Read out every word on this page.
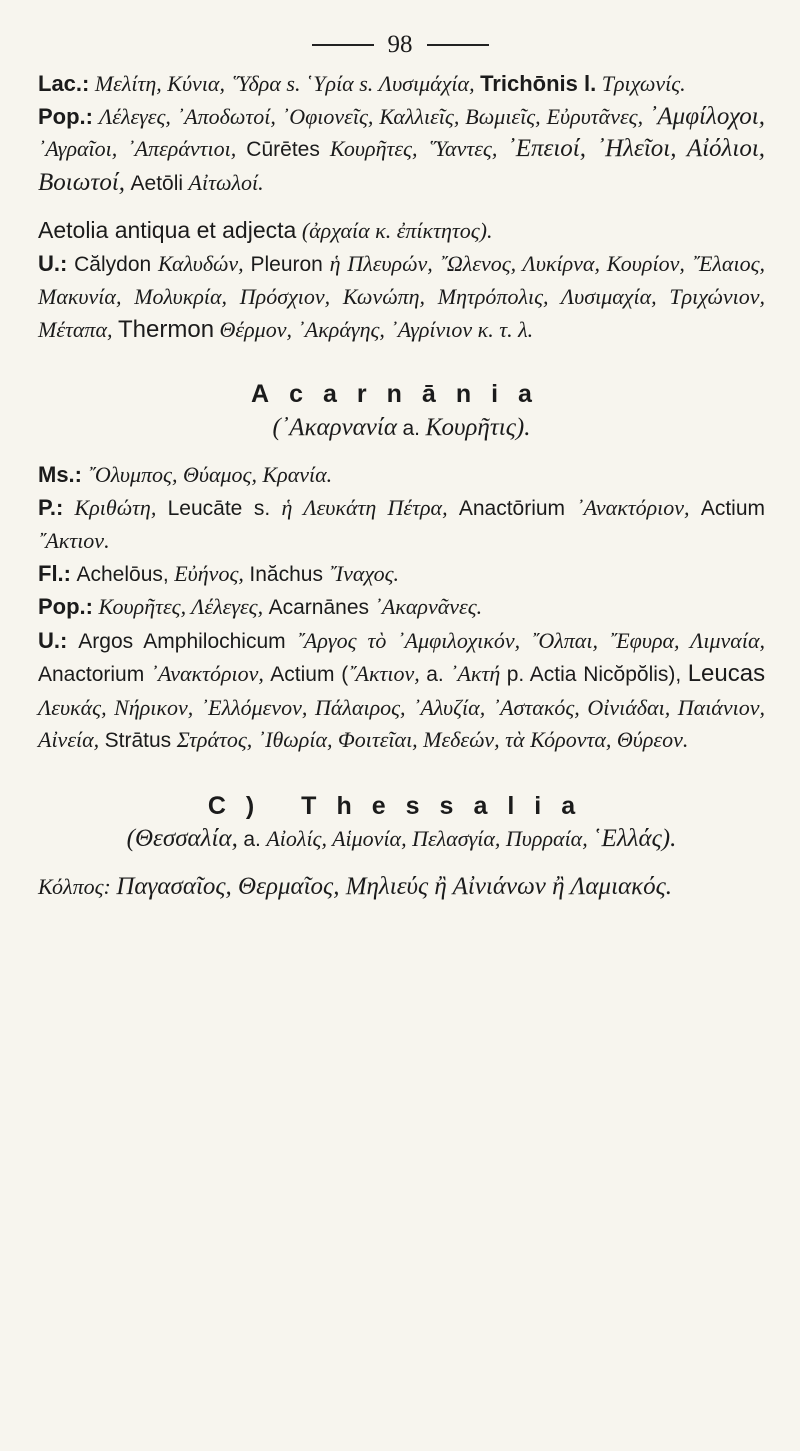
98

Lac.: Μελίτη, Κύνια, ῞Υδρα s. ῾Υρία s. Λυσιμάχία, Trichōnis l. Τριχωνίς.

Pop.: Λέλεγες, ᾿Αποδωτοί, ᾿Οφιονεῖς, Καλλιεῖς, Βωμιεῖς, Εὐρυτᾶνες, ᾿Αμφίλοχοι, ᾿Αγραῖοι, ᾿Απεράντιοι, Cūrētes Κουρῆτες, ῞Υαντες, ᾿Επειοί, ᾿Ηλεῖοι, Αἰόλιοι, Βοιωτοί, Aetōli Αἰτωλοί.

Aetolia antiqua et adjecta (ἀρχαία κ. ἐπίκτητος).

U.: Călydon Καλυδών, Pleuron ἡ Πλευρών, ῎Ωλενος, Λυκίρνα, Κουρίον, ῎Ελαιος, Μακυνία, Μολυκρία, Πρόσχιον, Κωνώπη, Μητρόπολις, Λυσιμαχία, Τριχώνιον, Μέταπα, Thermon Θέρμον, ᾿Ακράγης, ᾿Αγρίνιον κ. τ. λ.

Acarnānia

(᾿Ακαρνανία a. Κουρῆτις).

Ms.: ῎Ολυμπος, Θύαμος, Κρανία.

P.: Κριθώτη, Leucāte s. ἡ Λευκάτη Πέτρα, Anactōrium ᾿Ανακτόριον, Actium ῎Ακτιον.

Fl.: Achelōus, Εὐήνος, Inăchus ῎Ιναχος.

Pop.: Κουρῆτες, Λέλεγες, Acarnānes ᾿Ακαρνᾶνες.

U.: Argos Amphilochicum ῎Αργος τὸ ᾿Αμφιλοχικόν, ῎Ολπαι, ῎Εφυρα, Λιμναία, Anactorium ᾿Ανακτόριον, Actium (῎Ακτιον, a. ᾿Ακτή p. Actia Nicŏpŏlis), Leucas Λευκάς, Νήρικον, ᾿Ελλόμενον, Πάλαιρος, ᾿Αλυζία, ᾿Αστακός, Οἰνιάδαι, Παιάνιον, Αἰνεία, Strātus Στράτος, ᾿Ιθωρία, Φοιτεῖαι, Μεδεών, τὰ Κόροντα, Θύρεον.

C) Thessalia

(Θεσσαλία, a. Αἰολίς, Αἱμονία, Πελασγία, Πυρραία, ῾Ελλάς).

Κόλπος: Παγασαῖος, Θερμαῖος, Μηλιεύς ἢ Αἰνιάνων ἢ Λαμιακός.
